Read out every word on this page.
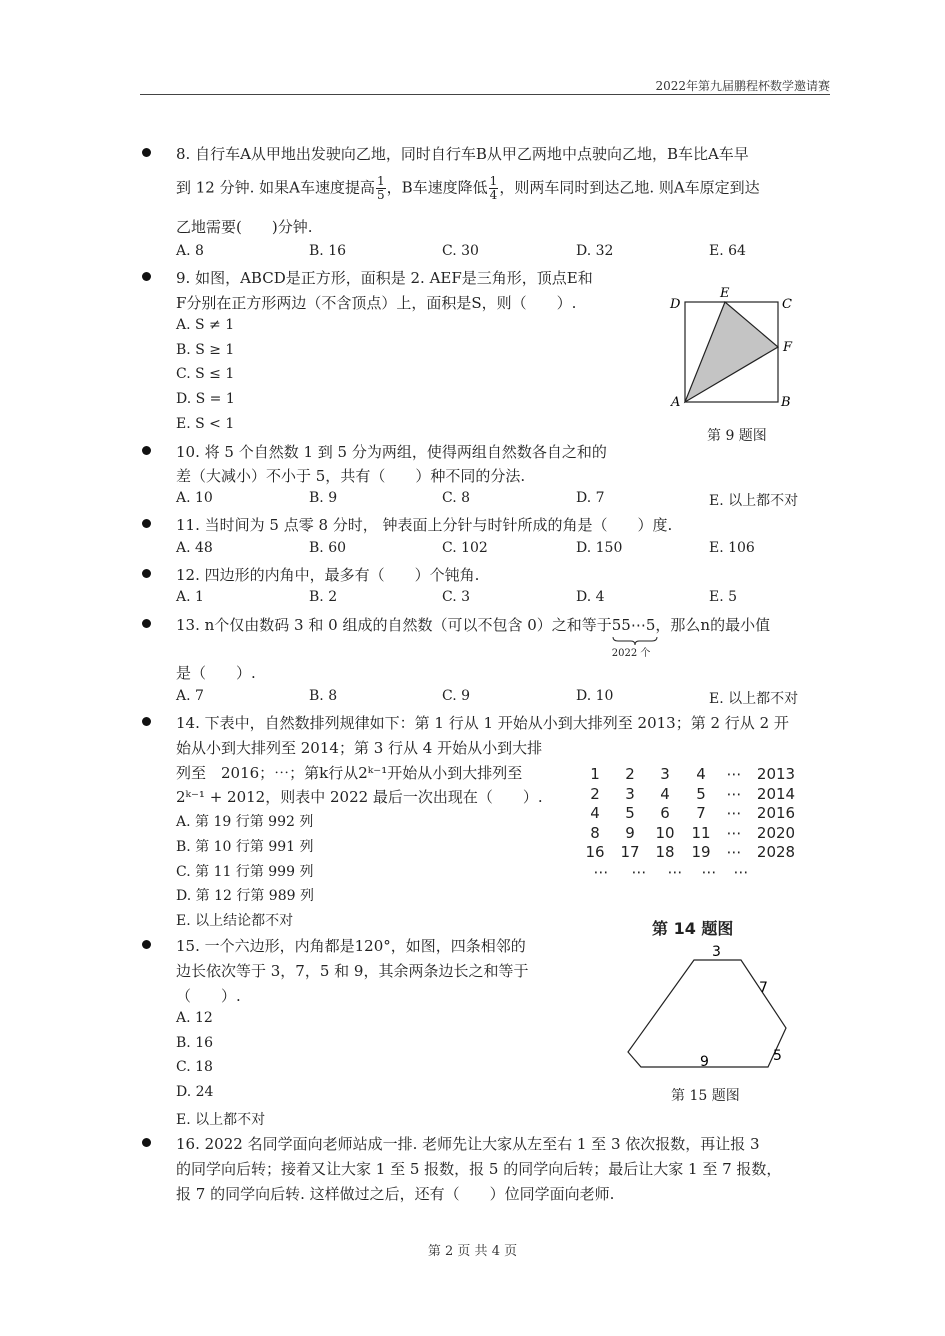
2022年第九届鹏程杯数学邀请赛
8. 自行车A从甲地出发驶向乙地，同时自行车B从甲乙两地中点驶向乙地，B车比A车早
到 12 分钟. 如果A车速度提高 $\frac{1}{5}$ ，B车速度降低 $\frac{1}{4}$ ，则两车同时到达乙地. 则A车原定到达
乙地需要(　　)分钟.
A. 8	B. 16	C. 30	D. 32	E. 64
9. 如图，ABCD是正方形，面积是 2. AEF是三角形，顶点E和
F分别在正方形两边（不含顶点）上，面积是S，则（　　）.
A. S ≠ 1
B. S ≥ 1
C. S ≤ 1
D. S = 1
E. S < 1
D
E
C
F
A	B
第 9 题图
10. 将 5 个自然数 1 到 5 分为两组，使得两组自然数各自之和的
差（大减小）不小于 5，共有（　　）种不同的分法.
A. 10	B. 9	C. 8	D. 7	E. 以上都不对
11. 当时间为 5 点零 8 分时， 钟表面上分针与时针所成的角是（　　）度.
A. 48	B. 60	C. 102	D. 150	E. 106
12. 四边形的内角中，最多有（　　）个钝角.
A. 1	B. 2	C. 3	D. 4	E. 5
13. n个仅由数码 3 和 0 组成的自然数（可以不包含 0）之和等于55⋯5
2022 个
，那么n的最小值
是（　　）.
A. 7	B. 8	C. 9	D. 10	E. 以上都不对
14. 下表中，自然数排列规律如下：第 1 行从 1 开始从小到大排列至 2013；第 2 行从 2 开
始从小到大排列至 2014；第 3 行从 4 开始从小到大排
列至　2016；⋯；第k行从2ᵏ⁻¹开始从小到大排列至
2ᵏ⁻¹ + 2012，则表中 2022 最后一次出现在（　　）.
A. 第 19 行第 992 列
B. 第 10 行第 991 列
C. 第 11 行第 999 列
D. 第 12 行第 989 列
E. 以上结论都不对
1	2	3	4	⋯	2013
2	3	4	5	⋯	2014
4	5	6	7	⋯	2016
8	9	10	11	⋯	2020
16	17	18	19	⋯	2028
⋯	⋯	⋯	⋯	⋯
第 14 题图
15. 一个六边形，内角都是120°，如图，四条相邻的
边长依次等于 3，7，5 和 9，其余两条边长之和等于
（　　）.
A. 12
B. 16
C. 18
D. 24
E. 以上都不对
3
7
5
9
第 15 题图
16. 2022 名同学面向老师站成一排. 老师先让大家从左至右 1 至 3 依次报数，再让报 3
的同学向后转；接着又让大家 1 至 5 报数，报 5 的同学向后转；最后让大家 1 至 7 报数，
报 7 的同学向后转. 这样做过之后，还有（　　）位同学面向老师.
第 2 页 共 4 页
